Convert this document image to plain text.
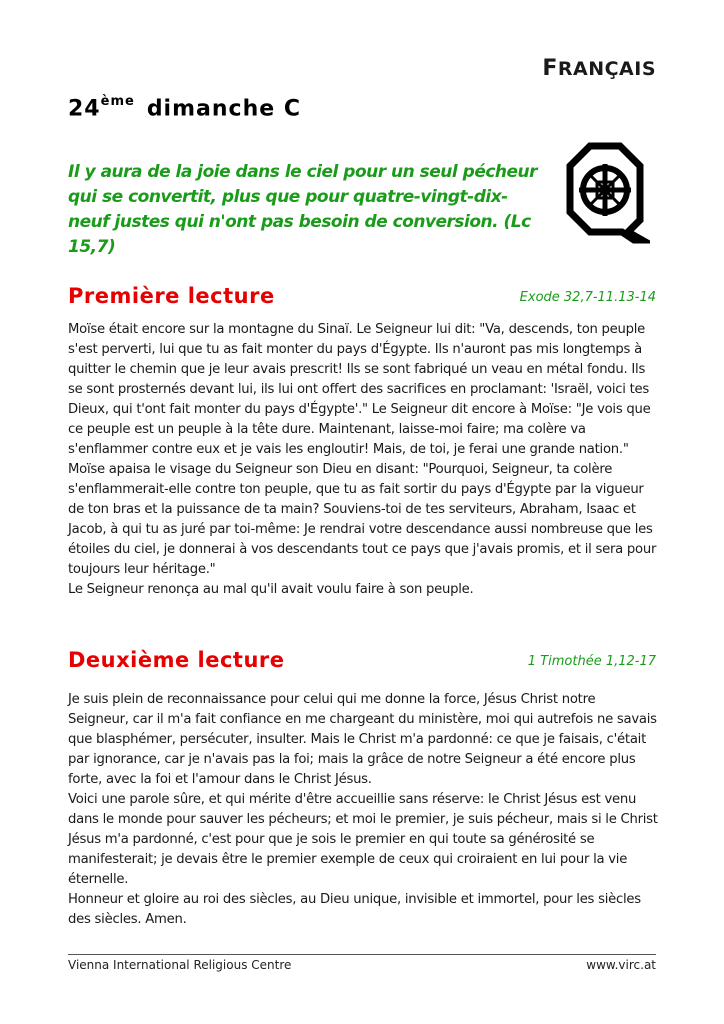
FRANÇAIS
24ème dimanche C
Il y aura de la joie dans le ciel pour un seul pécheur qui se convertit, plus que pour quatre-vingt-dix-neuf justes qui n'ont pas besoin de conversion. (Lc 15,7)
Première lecture	Exode 32,7-11.13-14

Moïse était encore sur la montagne du Sinaï. Le Seigneur lui dit: "Va, descends, ton peuple s'est perverti, lui que tu as fait monter du pays d'Égypte. Ils n'auront pas mis longtemps à quitter le chemin que je leur avais prescrit! Ils se sont fabriqué un veau en métal fondu. Ils se sont prosternés devant lui, ils lui ont offert des sacrifices en proclamant: 'Israël, voici tes Dieux, qui t'ont fait monter du pays d'Égypte'." Le Seigneur dit encore à Moïse: "Je vois que ce peuple est un peuple à la tête dure. Maintenant, laisse-moi faire; ma colère va s'enflammer contre eux et je vais les engloutir! Mais, de toi, je ferai une grande nation."

Moïse apaisa le visage du Seigneur son Dieu en disant: "Pourquoi, Seigneur, ta colère s'enflammerait-elle contre ton peuple, que tu as fait sortir du pays d'Égypte par la vigueur de ton bras et la puissance de ta main? Souviens-toi de tes serviteurs, Abraham, Isaac et Jacob, à qui tu as juré par toi-même: Je rendrai votre descendance aussi nombreuse que les étoiles du ciel, je donnerai à vos descendants tout ce pays que j'avais promis, et il sera pour toujours leur héritage."

Le Seigneur renonça au mal qu'il avait voulu faire à son peuple.

Deuxième lecture	1 Timothée 1,12-17

Je suis plein de reconnaissance pour celui qui me donne la force, Jésus Christ notre Seigneur, car il m'a fait confiance en me chargeant du ministère, moi qui autrefois ne savais que blasphémer, persécuter, insulter. Mais le Christ m'a pardonné: ce que je faisais, c'était par ignorance, car je n'avais pas la foi; mais la grâce de notre Seigneur a été encore plus forte, avec la foi et l'amour dans le Christ Jésus.

Voici une parole sûre, et qui mérite d'être accueillie sans réserve: le Christ Jésus est venu dans le monde pour sauver les pécheurs; et moi le premier, je suis pécheur, mais si le Christ Jésus m'a pardonné, c'est pour que je sois le premier en qui toute sa générosité se manifesterait; je devais être le premier exemple de ceux qui croiraient en lui pour la vie éternelle.

Honneur et gloire au roi des siècles, au Dieu unique, invisible et immortel, pour les siècles des siècles. Amen.

Vienna International Religious Centre	www.virc.at
